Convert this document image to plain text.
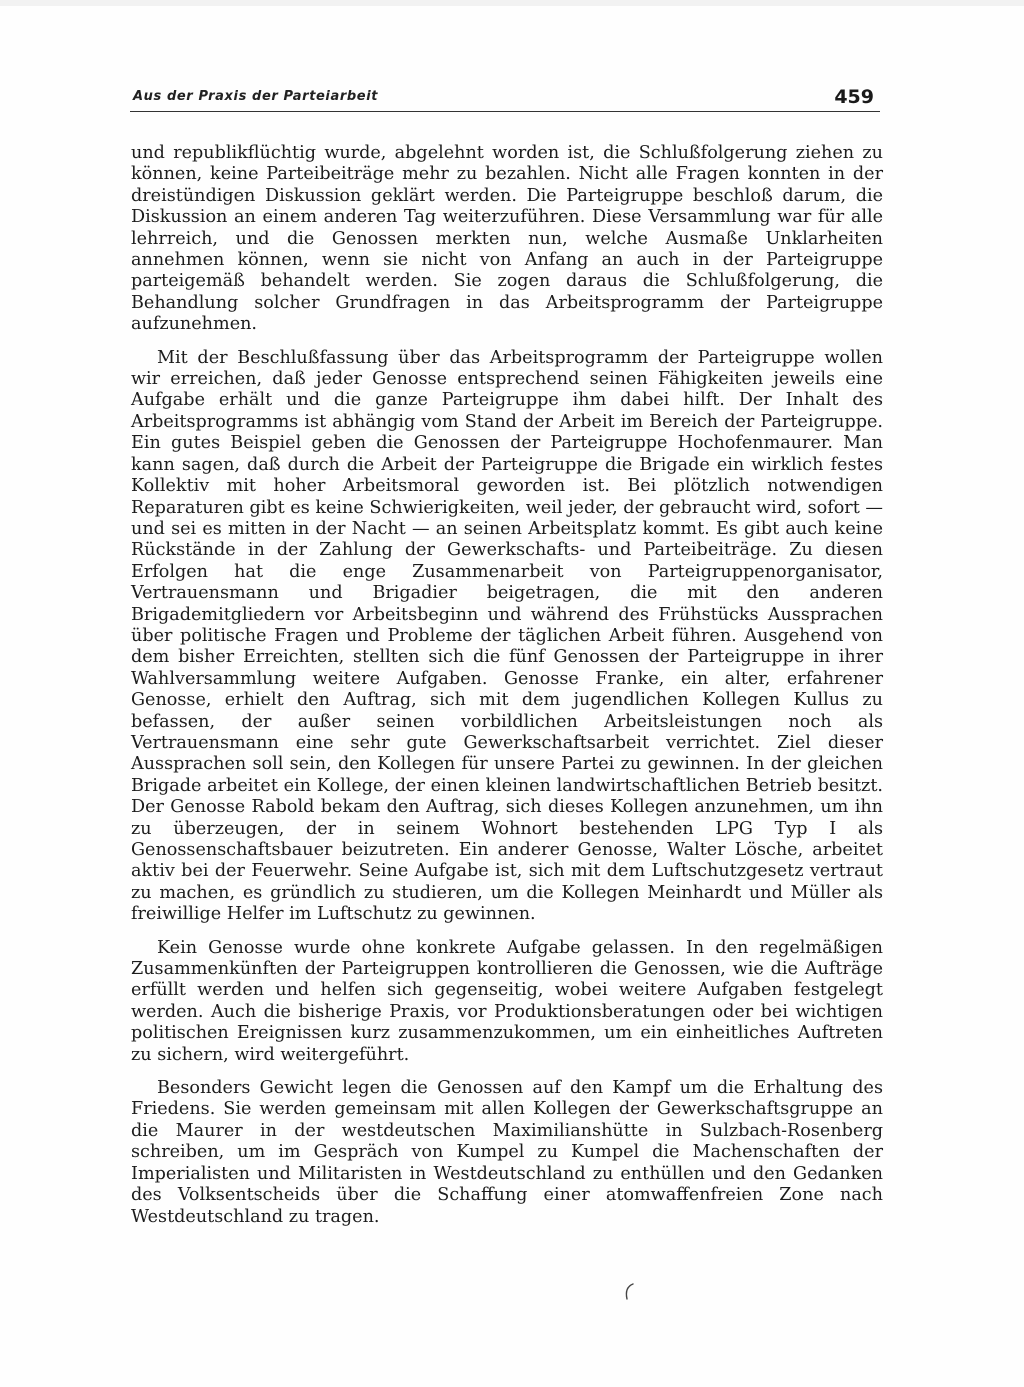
Aus der Praxis der Parteiarbeit	459

und republikflüchtig wurde, abgelehnt worden ist, die Schlußfolgerung ziehen zu können, keine Parteibeiträge mehr zu bezahlen. Nicht alle Fragen konnten in der dreistündigen Diskussion geklärt werden. Die Parteigruppe beschloß darum, die Diskussion an einem anderen Tag weiterzuführen. Diese Versammlung war für alle lehrreich, und die Genossen merkten nun, welche Ausmaße Unklarheiten annehmen können, wenn sie nicht von Anfang an auch in der Parteigruppe parteigemäß behandelt werden. Sie zogen daraus die Schlußfolgerung, die Behandlung solcher Grundfragen in das Arbeitsprogramm der Parteigruppe aufzunehmen.

Mit der Beschlußfassung über das Arbeitsprogramm der Parteigruppe wollen wir erreichen, daß jeder Genosse entsprechend seinen Fähigkeiten jeweils eine Aufgabe erhält und die ganze Parteigruppe ihm dabei hilft. Der Inhalt des Arbeitsprogramms ist abhängig vom Stand der Arbeit im Bereich der Parteigruppe. Ein gutes Beispiel geben die Genossen der Parteigruppe Hochofenmaurer. Man kann sagen, daß durch die Arbeit der Parteigruppe die Brigade ein wirklich festes Kollektiv mit hoher Arbeitsmoral geworden ist. Bei plötzlich notwendigen Reparaturen gibt es keine Schwierigkeiten, weil jeder, der gebraucht wird, sofort — und sei es mitten in der Nacht — an seinen Arbeitsplatz kommt. Es gibt auch keine Rückstände in der Zahlung der Gewerkschafts- und Parteibeiträge. Zu diesen Erfolgen hat die enge Zusammenarbeit von Parteigruppenorganisator, Vertrauensmann und Brigadier beigetragen, die mit den anderen Brigademitgliedern vor Arbeitsbeginn und während des Frühstücks Aussprachen über politische Fragen und Probleme der täglichen Arbeit führen. Ausgehend von dem bisher Erreichten, stellten sich die fünf Genossen der Parteigruppe in ihrer Wahlversammlung weitere Aufgaben. Genosse Franke, ein alter, erfahrener Genosse, erhielt den Auftrag, sich mit dem jugendlichen Kollegen Kullus zu befassen, der außer seinen vorbildlichen Arbeitsleistungen noch als Vertrauensmann eine sehr gute Gewerkschaftsarbeit verrichtet. Ziel dieser Aussprachen soll sein, den Kollegen für unsere Partei zu gewinnen. In der gleichen Brigade arbeitet ein Kollege, der einen kleinen landwirtschaftlichen Betrieb besitzt. Der Genosse Rabold bekam den Auftrag, sich dieses Kollegen anzunehmen, um ihn zu überzeugen, der in seinem Wohnort bestehenden LPG Typ I als Genossenschaftsbauer beizutreten. Ein anderer Genosse, Walter Lösche, arbeitet aktiv bei der Feuerwehr. Seine Aufgabe ist, sich mit dem Luftschutzgesetz vertraut zu machen, es gründlich zu studieren, um die Kollegen Meinhardt und Müller als freiwillige Helfer im Luftschutz zu gewinnen.

Kein Genosse wurde ohne konkrete Aufgabe gelassen. In den regelmäßigen Zusammenkünften der Parteigruppen kontrollieren die Genossen, wie die Aufträge erfüllt werden und helfen sich gegenseitig, wobei weitere Aufgaben festgelegt werden. Auch die bisherige Praxis, vor Produktionsberatungen oder bei wichtigen politischen Ereignissen kurz zusammenzukommen, um ein einheitliches Auftreten zu sichern, wird weitergeführt.

Besonders Gewicht legen die Genossen auf den Kampf um die Erhaltung des Friedens. Sie werden gemeinsam mit allen Kollegen der Gewerkschaftsgruppe an die Maurer in der westdeutschen Maximilianshütte in Sulzbach-Rosenberg schreiben, um im Gespräch von Kumpel zu Kumpel die Machenschaften der Imperialisten und Militaristen in Westdeutschland zu enthüllen und den Gedanken des Volksentscheids über die Schaffung einer atomwaffenfreien Zone nach Westdeutschland zu tragen.
